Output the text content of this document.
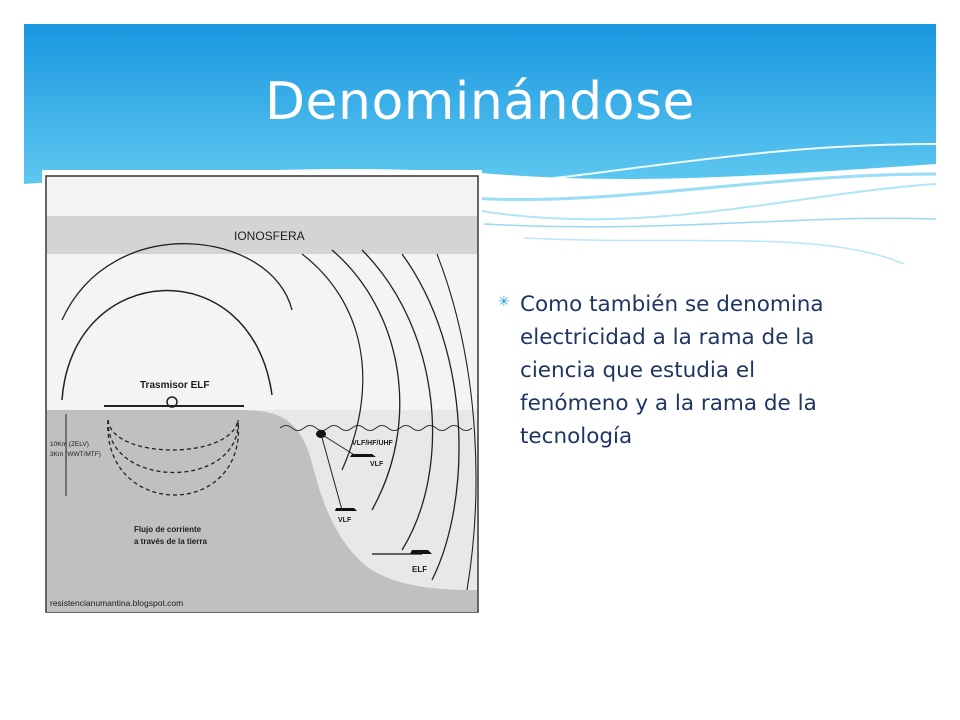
Denominándose
IONOSFERA
Trasmisor ELF
10Km (ZELV)
3Km (WWT/MTF)
Flujo de corriente
a través de la tierra
VLF/HF/UHF
VLF
VLF
ELF
resistencianumantina.blogspot.com
✳ Como también se denomina electricidad a la rama de la ciencia que estudia el fenómeno y a la rama de la tecnología
